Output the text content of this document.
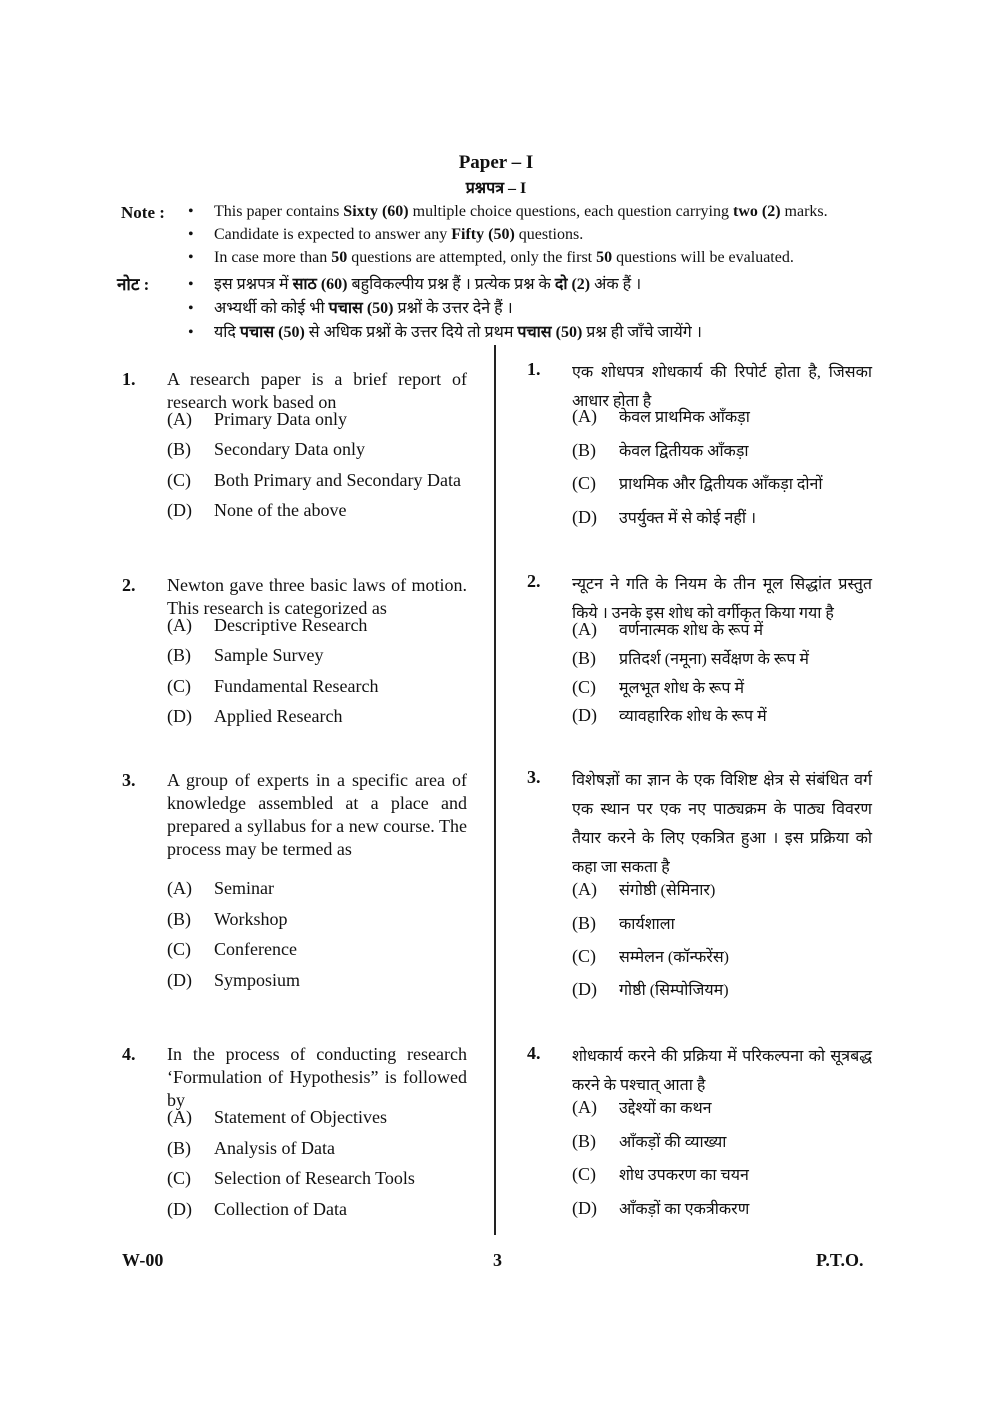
Paper – I
प्रश्नपत्र – I
Note :
नोट :
• This paper contains Sixty (60) multiple choice questions, each question carrying two (2) marks.
• Candidate is expected to answer any Fifty (50) questions.
• In case more than 50 questions are attempted, only the first 50 questions will be evaluated.
• इस प्रश्नपत्र में साठ (60) बहुविकल्पीय प्रश्न हैं । प्रत्येक प्रश्न के दो (2) अंक हैं ।
• अभ्यर्थी को कोई भी पचास (50) प्रश्नों के उत्तर देने हैं ।
• यदि पचास (50) से अधिक प्रश्नों के उत्तर दिये तो प्रथम पचास (50) प्रश्न ही जाँचे जायेंगे ।
1. A research paper is a brief report of research work based on
(A) Primary Data only
(B) Secondary Data only
(C) Both Primary and Secondary Data
(D) None of the above
2. Newton gave three basic laws of motion. This research is categorized as
(A) Descriptive Research
(B) Sample Survey
(C) Fundamental Research
(D) Applied Research
3. A group of experts in a specific area of knowledge assembled at a place and prepared a syllabus for a new course. The process may be termed as
(A) Seminar
(B) Workshop
(C) Conference
(D) Symposium
4. In the process of conducting research ‘Formulation of Hypothesis” is followed by
(A) Statement of Objectives
(B) Analysis of Data
(C) Selection of Research Tools
(D) Collection of Data
1. एक शोधपत्र शोधकार्य की रिपोर्ट होता है, जिसका आधार होता है
(A) केवल प्राथमिक आँकड़ा
(B) केवल द्वितीयक आँकड़ा
(C) प्राथमिक और द्वितीयक आँकड़ा दोनों
(D) उपर्युक्त में से कोई नहीं ।
2. न्यूटन ने गति के नियम के तीन मूल सिद्धांत प्रस्तुत किये । उनके इस शोध को वर्गीकृत किया गया है
(A) वर्णनात्मक शोध के रूप में
(B) प्रतिदर्श (नमूना) सर्वेक्षण के रूप में
(C) मूलभूत शोध के रूप में
(D) व्यावहारिक शोध के रूप में
3. विशेषज्ञों का ज्ञान के एक विशिष्ट क्षेत्र से संबंधित वर्ग एक स्थान पर एक नए पाठ्यक्रम के पाठ्य विवरण तैयार करने के लिए एकत्रित हुआ । इस प्रक्रिया को कहा जा सकता है
(A) संगोष्ठी (सेमिनार)
(B) कार्यशाला
(C) सम्मेलन (कॉन्फरेंस)
(D) गोष्ठी (सिम्पोजियम)
4. शोधकार्य करने की प्रक्रिया में परिकल्पना को सूत्रबद्ध करने के पश्चात् आता है
(A) उद्देश्यों का कथन
(B) आँकड़ों की व्याख्या
(C) शोध उपकरण का चयन
(D) आँकड़ों का एकत्रीकरण
W-00	3	P.T.O.
